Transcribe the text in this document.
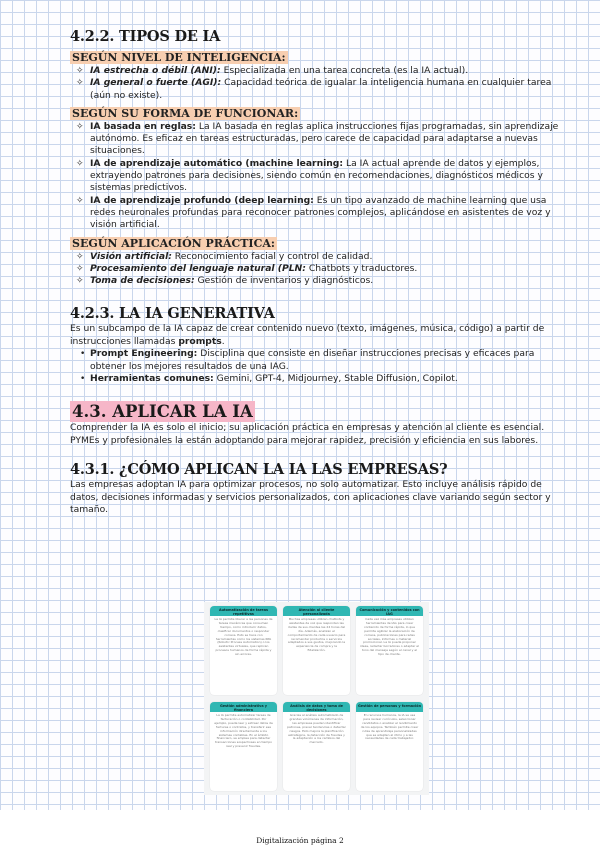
4.2.2. TIPOS DE IA
SEGÚN NIVEL DE INTELIGENCIA:
✧ IA estrecha o débil (ANI): Especializada en una tarea concreta (es la IA actual).
✧ IA general o fuerte (AGI): Capacidad teórica de igualar la inteligencia humana en cualquier tarea (aún no existe).
SEGÚN SU FORMA DE FUNCIONAR:
✧ IA basada en reglas: La IA basada en reglas aplica instrucciones fijas programadas, sin aprendizaje autónomo. Es eficaz en tareas estructuradas, pero carece de capacidad para adaptarse a nuevas situaciones.
✧ IA de aprendizaje automático (machine learning: La IA actual aprende de datos y ejemplos, extrayendo patrones para decisiones, siendo común en recomendaciones, diagnósticos médicos y sistemas predictivos.
✧ IA de aprendizaje profundo (deep learning: Es un tipo avanzado de machine learning que usa redes neuronales profundas para reconocer patrones complejos, aplicándose en asistentes de voz y visión artificial.
SEGÚN APLICACIÓN PRÁCTICA:
✧ Visión artificial: Reconocimiento facial y control de calidad.
✧ Procesamiento del lenguaje natural (PLN: Chatbots y traductores.
✧ Toma de decisiones: Gestión de inventarios y diagnósticos.
4.2.3. LA IA GENERATIVA

Es un subcampo de la IA capaz de crear contenido nuevo (texto, imágenes, música, código) a partir de instrucciones llamadas prompts.

• Prompt Engineering: Disciplina que consiste en diseñar instrucciones precisas y eficaces para obtener los mejores resultados de una IAG.
• Herramientas comunes: Gemini, GPT-4, Midjourney, Stable Diffusion, Copilot.
4.3. APLICAR LA IA

Comprender la IA es solo el inicio; su aplicación práctica en empresas y atención al cliente es esencial. PYMEs y profesionales la están adoptando para mejorar rapidez, precisión y eficiencia en sus labores.

4.3.1. ¿CÓMO APLICAN LA IA LAS EMPRESAS?

Las empresas adoptan IA para optimizar procesos, no solo automatizar. Esto incluye análisis rápido de datos, decisiones informadas y servicios personalizados, con aplicaciones clave variando según sector y tamaño.

Automatización de tareas repetitivas
La IA permite liberar a las personas de tareas mecánicas que consumen tiempo, como introducir datos, clasificar documentos o responder correos. Esto se hace con herramientas como los sistemas RPA (Robotic Process Automation) o los asistentes virtuales, que replican procesos humanos de forma rápida y sin errores.
Atención al cliente personalizada
Muchas empresas utilizan chatbots y asistentes de voz que responden las dudas de sus clientes las 24 horas del día. Además, analizan el comportamiento de cada usuario para recomendar productos o servicios adaptados a sus gustos, mejorando la experiencia de compra y la fidelización.
Comunicación y contenidos con IAG
Cada vez más empresas utilizan herramientas de IAG para crear contenido de forma rápida, lo que permite agilizar la elaboración de correos, publicaciones para redes sociales, informes o material promocional. La IA puede proponer ideas, redactar borradores o adaptar el tono del mensaje según el canal y el tipo de cliente.
Gestión administrativa y financiera
La IA permite automatizar tareas de facturación o contabilidad. Por ejemplo, puede leer y extraer datos de facturas o contratos, y transferir esa información directamente a los sistemas contables. En el ámbito financiero, se emplea para detectar transacciones sospechosas en tiempo real y prevenir fraudes.
Análisis de datos y toma de decisiones
Gracias al análisis automatizado de grandes volúmenes de información, las empresas pueden identificar patrones, prever tendencias o detectar riesgos. Esto mejora la planificación estratégica, la detección de fraudes y la adaptación a los cambios del mercado.
Gestión de personas y formación
En recursos humanos, la IA se usa para revisar currículos, seleccionar candidatos o analizar el rendimiento de los equipos. También permite crear rutas de aprendizaje personalizadas que se adapten al ritmo y a las necesidades de cada trabajador.
Digitalización página 2
